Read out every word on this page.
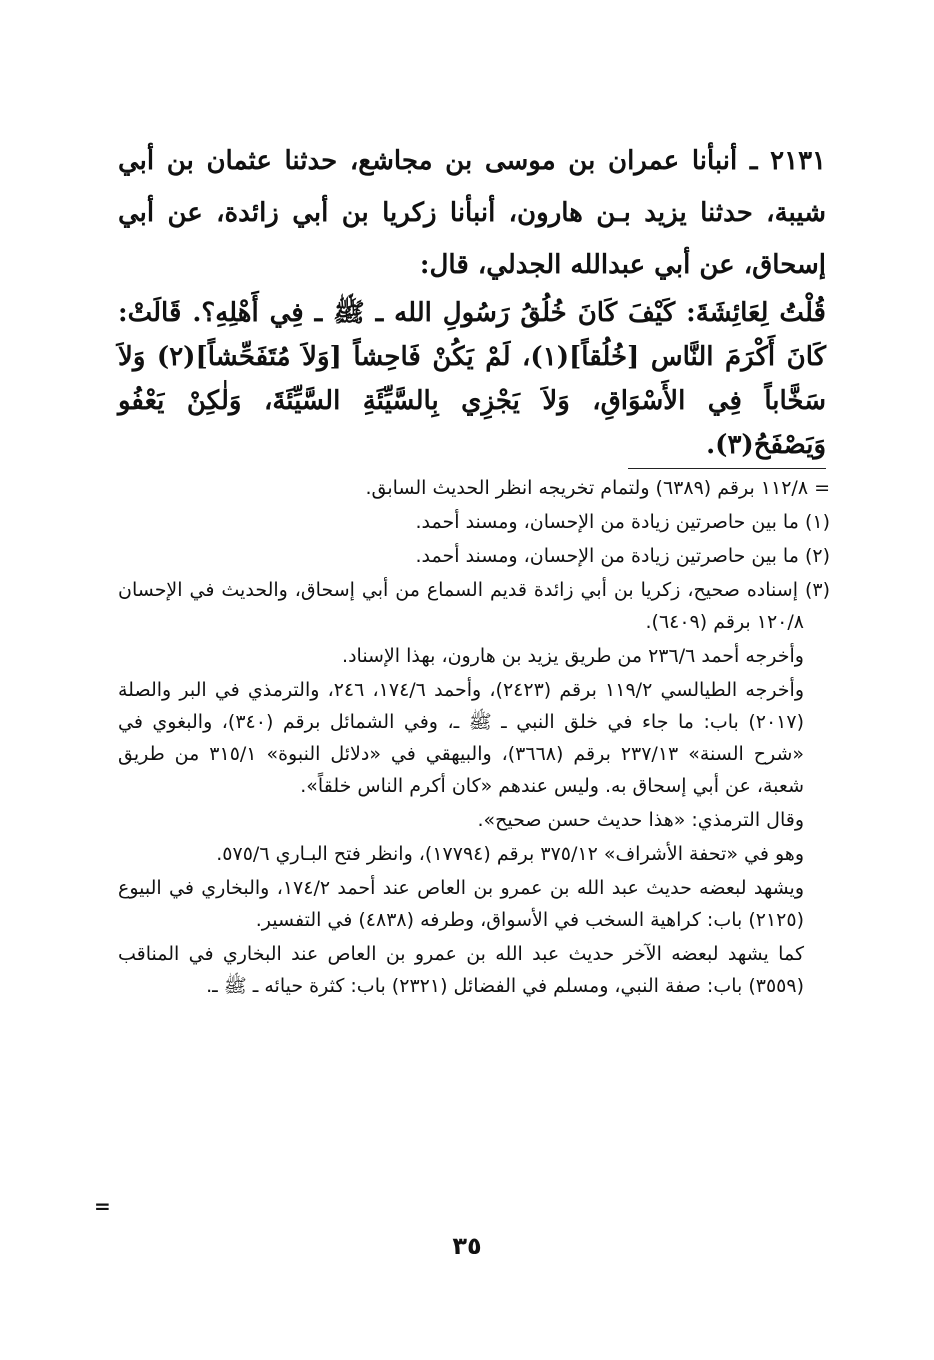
٢١٣١ ـ أنبأنا عمران بن موسى بن مجاشع، حدثنا عثمان بن أبي شيبة، حدثنا يزيد بـن هارون، أنبأنا زكريا بن أبي زائدة، عن أبي إسحاق، عن أبي عبدالله الجدلي، قال:

قُلْتُ لِعَائِشَةَ: كَيْفَ كَانَ خُلُقُ رَسُولِ الله ـ ﷺ ـ فِي أَهْلِهِ؟. قَالَتْ: كَانَ أَكْرَمَ النَّاس [خُلُقاً](١)، لَمْ يَكُنْ فَاحِشاً [وَلاَ مُتَفَحِّشاً](٢) وَلاَ سَخَّاباً فِي الأَسْوَاقِ، وَلاَ يَجْزِي بِالسَّيِّئَةِ السَّيِّئَةَ، وَلٰكِنْ يَعْفُو وَيَصْفَحُ(٣).

= ١١٢/٨ برقم (٦٣٨٩) ولتمام تخريجه انظر الحديث السابق.

(١) ما بين حاصرتين زيادة من الإحسان، ومسند أحمد.

(٢) ما بين حاصرتين زيادة من الإحسان، ومسند أحمد.

(٣) إسناده صحيح، زكريا بن أبي زائدة قديم السماع من أبي إسحاق، والحديث في الإحسان ١٢٠/٨ برقم (٦٤٠٩).

وأخرجه أحمد ٢٣٦/٦ من طريق يزيد بن هارون، بهذا الإسناد.

وأخرجه الطيالسي ١١٩/٢ برقم (٢٤٢٣)، وأحمد ١٧٤/٦، ٢٤٦، والترمذي في البر والصلة (٢٠١٧) باب: ما جاء في خلق النبي ـ ﷺ ـ، وفي الشمائل برقم (٣٤٠)، والبغوي في «شرح السنة» ٢٣٧/١٣ برقم (٣٦٦٨)، والبيهقي في «دلائل النبوة» ٣١٥/١ من طريق شعبة، عن أبي إسحاق به. وليس عندهم «كان أكرم الناس خلقاً».

وقال الترمذي: «هذا حديث حسن صحيح».

وهو في «تحفة الأشراف» ٣٧٥/١٢ برقم (١٧٧٩٤)، وانظر فتح البـاري ٥٧٥/٦.

ويشهد لبعضه حديث عبد الله بن عمرو بن العاص عند أحمد ١٧٤/٢، والبخاري في البيوع (٢١٢٥) باب: كراهية السخب في الأسواق، وطرفه (٤٨٣٨) في التفسير.

كما يشهد لبعضه الآخر حديث عبد الله بن عمرو بن العاص عند البخاري في المناقب (٣٥٥٩) باب: صفة النبي، ومسلم في الفضائل (٢٣٢١) باب: كثرة حيائه ـ ﷺ ـ.

=
٣٥
